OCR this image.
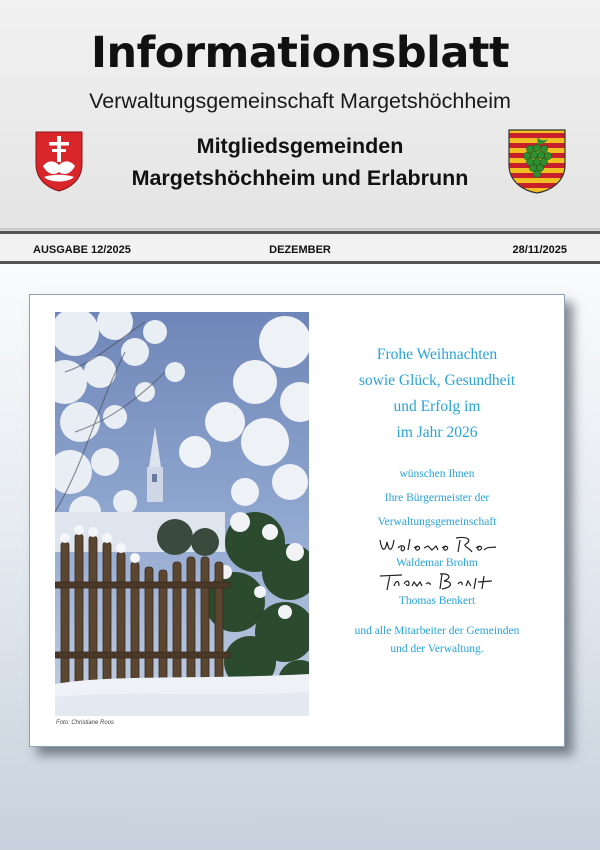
Informationsblatt
Verwaltungsgemeinschaft Margetshöchheim
Mitgliedsgemeinden
Margetshöchheim und Erlabrunn
AUSGABE 12/2025	DEZEMBER	28/11/2025
Foto: Christiane Roos
Frohe Weihnachten
sowie Glück, Gesundheit
und Erfolg im
im Jahr 2026
wünschen Ihnen
Ihre Bürgermeister der
Verwaltungsgemeinschaft
Waldemar Brohm
Thomas Benkert
und alle Mitarbeiter der Gemeinden
und der Verwaltung.
